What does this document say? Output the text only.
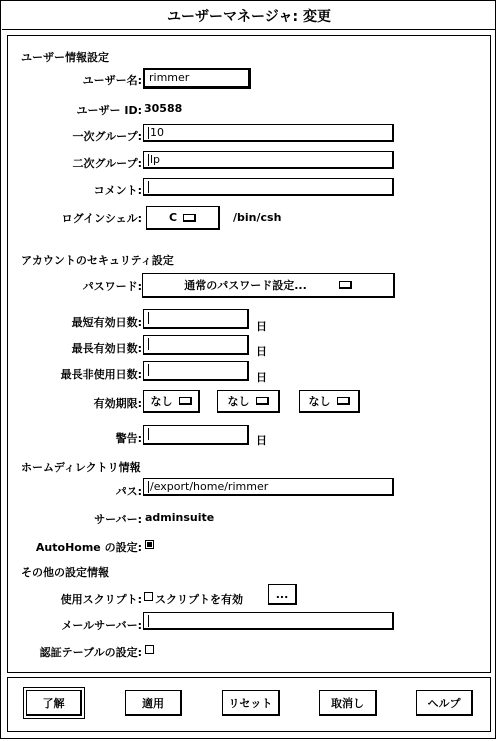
ユーザーマネージャ: 変更
ユーザー情報設定
ユーザー名: rimmer
ユーザー ID: 30588
一次グループ: 10
二次グループ: lp
コメント:
ログインシェル: C	/bin/csh
アカウントのセキュリティ設定
パスワード:	通常のパスワード設定...
最短有効日数:	日
最長有効日数:	日
最長非使用日数:	日
有効期限: なし	なし	なし
警告:	日
ホームディレクトリ情報
パス: /export/home/rimmer
サーバー: adminsuite
AutoHome の設定:
その他の設定情報
使用スクリプト: スクリプトを有効	...
メールサーバー:
認証テーブルの設定:
了解	適用	リセット	取消し	ヘルプ
